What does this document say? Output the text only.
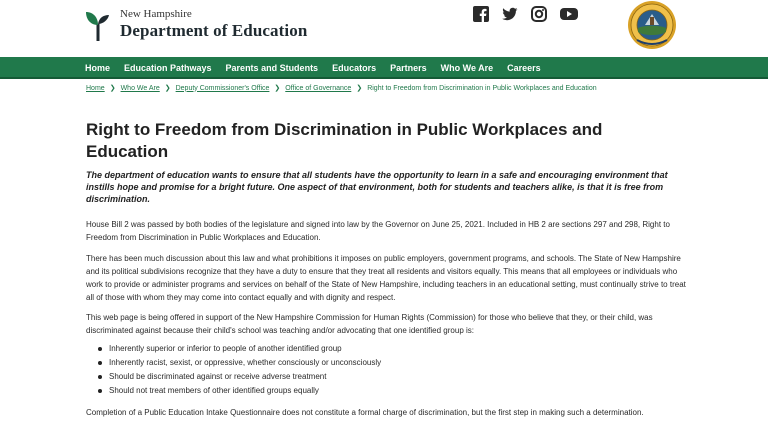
New Hampshire
Department of Education
Home Education Pathways Parents and Students Educators Partners Who We Are Careers
Home ❯ Who We Are ❯ Deputy Commissioner's Office ❯ Office of Governance ❯ Right to Freedom from Discrimination in Public Workplaces and Education
Right to Freedom from Discrimination in Public Workplaces and Education

The department of education wants to ensure that all students have the opportunity to learn in a safe and encouraging environment that instills hope and promise for a bright future. One aspect of that environment, both for students and teachers alike, is that it is free from discrimination.

House Bill 2 was passed by both bodies of the legislature and signed into law by the Governor on June 25, 2021. Included in HB 2 are sections 297 and 298, Right to Freedom from Discrimination in Public Workplaces and Education.

There has been much discussion about this law and what prohibitions it imposes on public employers, government programs, and schools. The State of New Hampshire and its political subdivisions recognize that they have a duty to ensure that they treat all residents and visitors equally. This means that all employees or individuals who work to provide or administer programs and services on behalf of the State of New Hampshire, including teachers in an educational setting, must continually strive to treat all of those with whom they may come into contact equally and with dignity and respect.

This web page is being offered in support of the New Hampshire Commission for Human Rights (Commission) for those who believe that they, or their child, was discriminated against because their child's school was teaching and/or advocating that one identified group is:

Inherently superior or inferior to people of another identified group
Inherently racist, sexist, or oppressive, whether consciously or unconsciously
Should be discriminated against or receive adverse treatment
Should not treat members of other identified groups equally

Completion of a Public Education Intake Questionnaire does not constitute a formal charge of discrimination, but the first step in making such a determination.
